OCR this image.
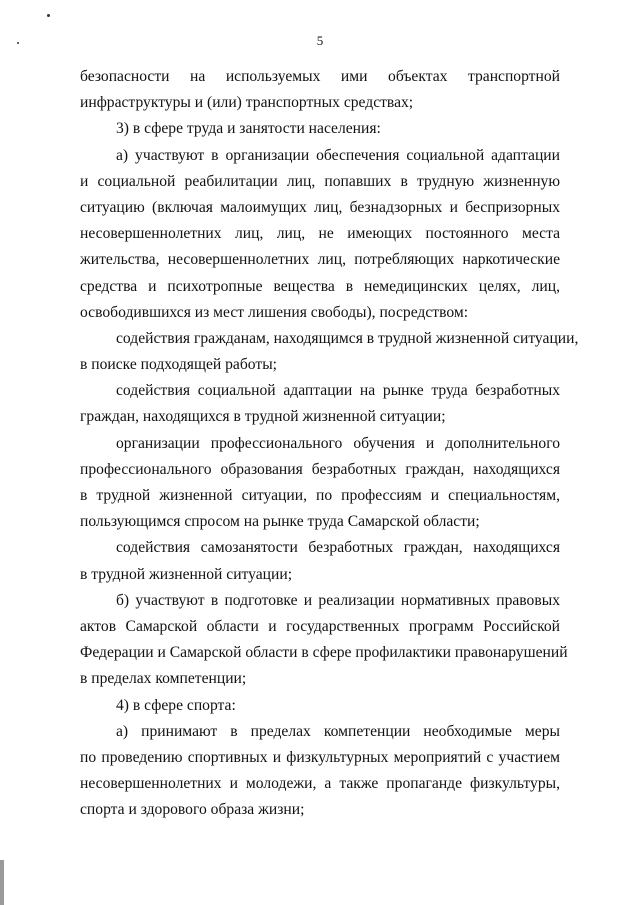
5
безопасности на используемых ими объектах транспортной
инфраструктуры и (или) транспортных средствах;
3) в сфере труда и занятости населения:
а) участвуют в организации обеспечения социальной адаптации
и социальной реабилитации лиц, попавших в трудную жизненную
ситуацию (включая малоимущих лиц, безнадзорных и беспризорных
несовершеннолетних лиц, лиц, не имеющих постоянного места
жительства, несовершеннолетних лиц, потребляющих наркотические
средства и психотропные вещества в немедицинских целях, лиц,
освободившихся из мест лишения свободы), посредством:
содействия гражданам, находящимся в трудной жизненной ситуации,
в поиске подходящей работы;
содействия социальной адаптации на рынке труда безработных
граждан, находящихся в трудной жизненной ситуации;
организации профессионального обучения и дополнительного
профессионального образования безработных граждан, находящихся
в трудной жизненной ситуации, по профессиям и специальностям,
пользующимся спросом на рынке труда Самарской области;
содействия самозанятости безработных граждан, находящихся
в трудной жизненной ситуации;
б) участвуют в подготовке и реализации нормативных правовых
актов Самарской области и государственных программ Российской
Федерации и Самарской области в сфере профилактики правонарушений
в пределах компетенции;
4) в сфере спорта:
а) принимают в пределах компетенции необходимые меры
по проведению спортивных и физкультурных мероприятий с участием
несовершеннолетних и молодежи, а также пропаганде физкультуры,
спорта и здорового образа жизни;
